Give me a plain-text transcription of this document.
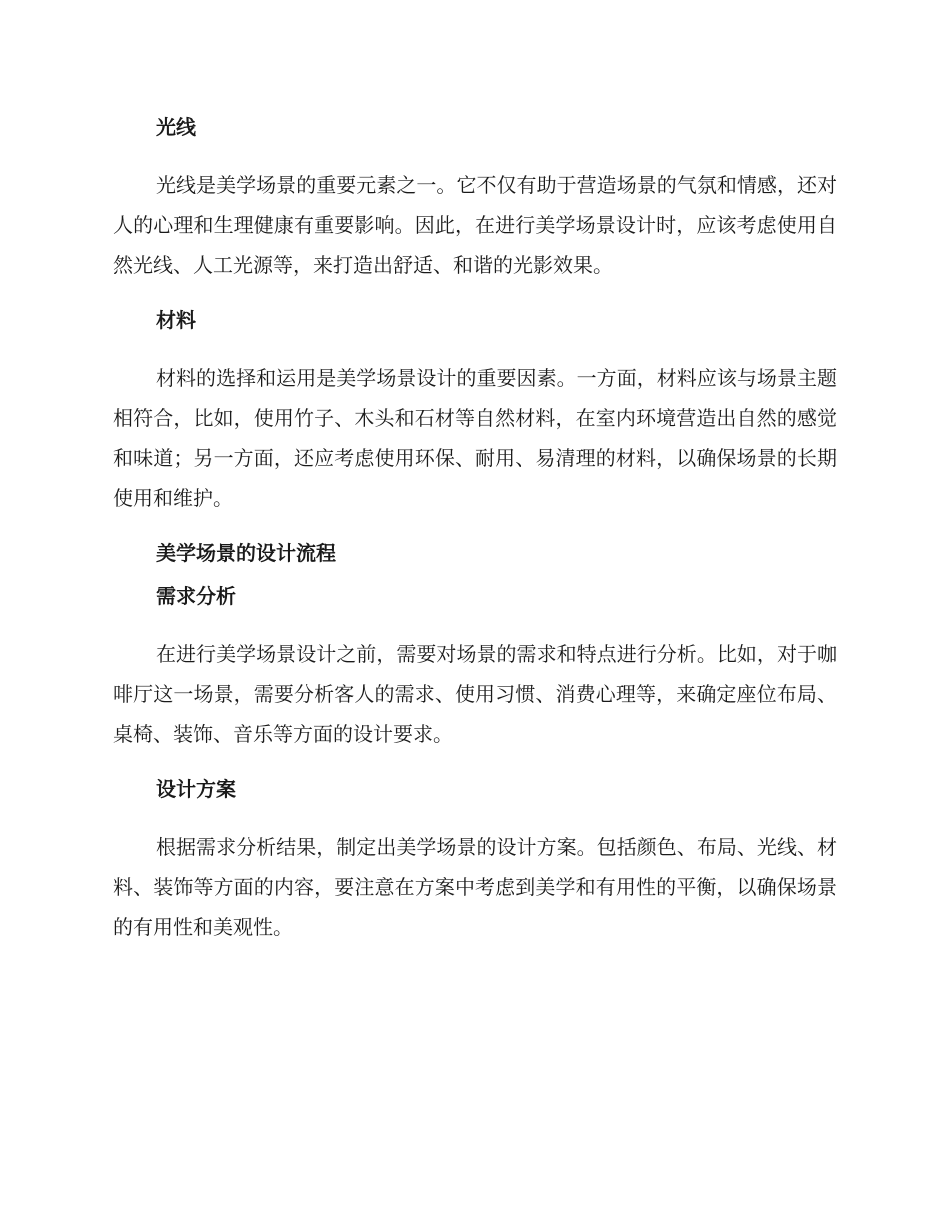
光线

光线是美学场景的重要元素之一。它不仅有助于营造场景的气氛和情感，还对人的心理和生理健康有重要影响。因此，在进行美学场景设计时，应该考虑使用自然光线、人工光源等，来打造出舒适、和谐的光影效果。

材料

材料的选择和运用是美学场景设计的重要因素。一方面，材料应该与场景主题相符合，比如，使用竹子、木头和石材等自然材料，在室内环境营造出自然的感觉和味道；另一方面，还应考虑使用环保、耐用、易清理的材料，以确保场景的长期使用和维护。

美学场景的设计流程
需求分析

在进行美学场景设计之前，需要对场景的需求和特点进行分析。比如，对于咖啡厅这一场景，需要分析客人的需求、使用习惯、消费心理等，来确定座位布局、桌椅、装饰、音乐等方面的设计要求。

设计方案

根据需求分析结果，制定出美学场景的设计方案。包括颜色、布局、光线、材料、装饰等方面的内容，要注意在方案中考虑到美学和有用性的平衡，以确保场景的有用性和美观性。
